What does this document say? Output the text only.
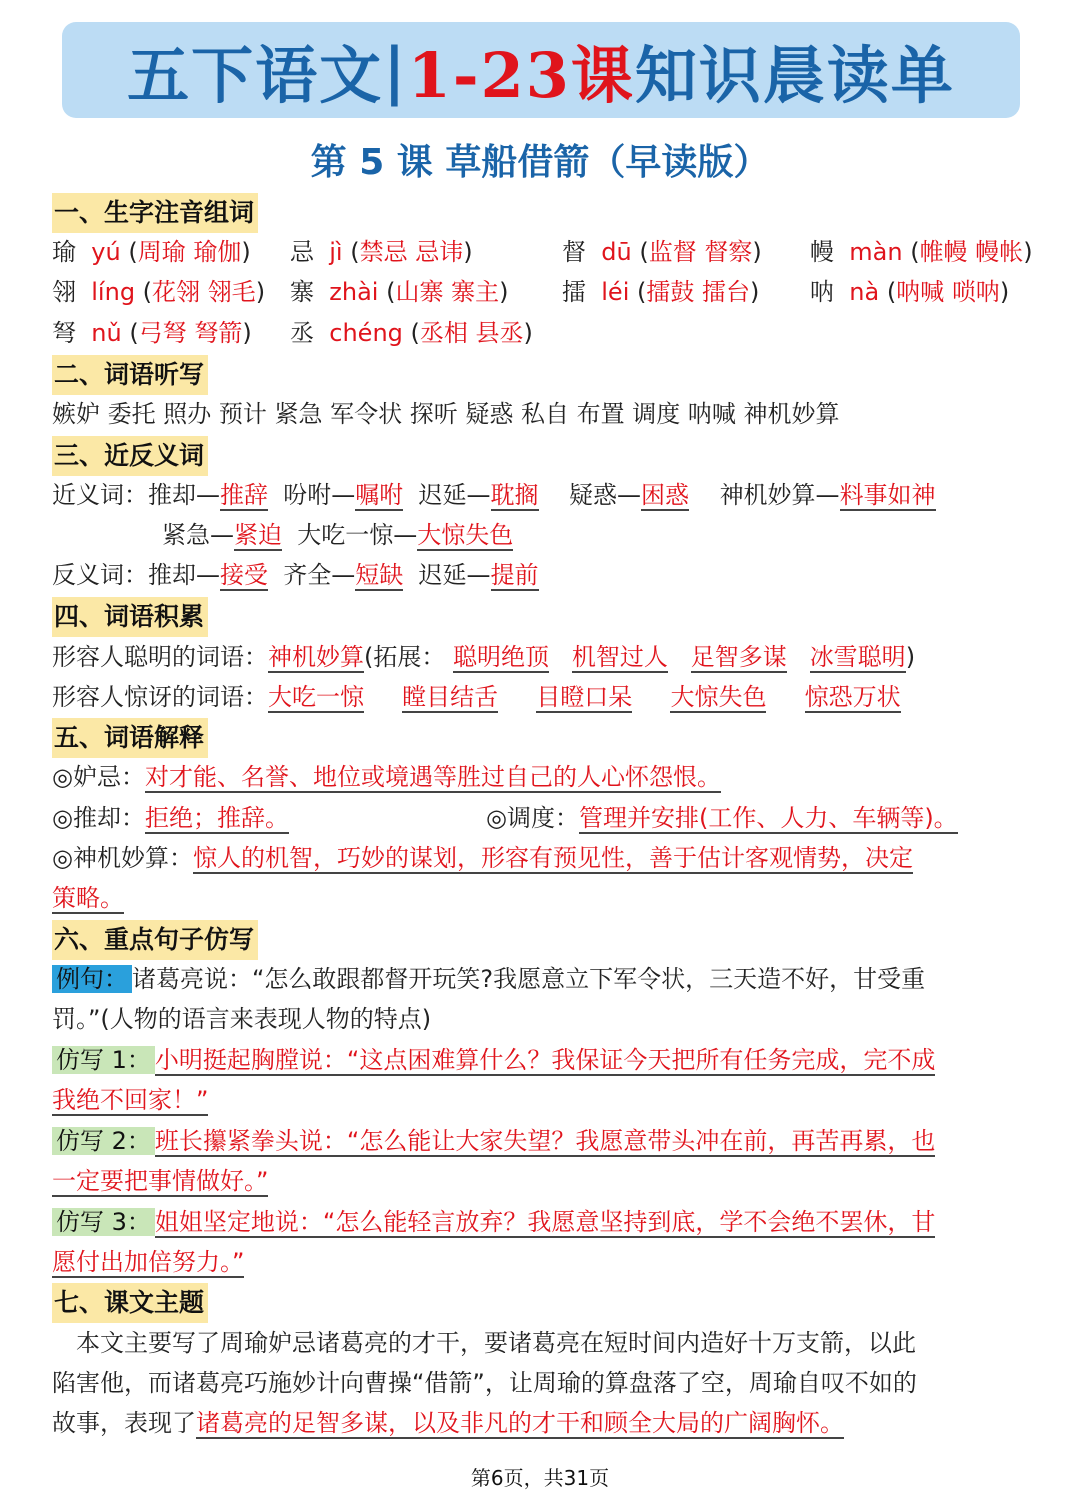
五下语文 | 1-23课 知识晨读单
第 5 课 草船借箭（早读版）
一、生字注音组词
瑜 yú (周瑜 瑜伽) 忌 jì (禁忌 忌讳)	督 dū (监督 督察) 幔 màn (帷幔 幔帐)
翎 líng (花翎 翎毛) 寨 zhài (山寨 寨主) 擂 léi (擂鼓 擂台) 呐 nà (呐喊 唢呐)
弩 nǔ (弓弩 弩箭) 丞 chéng (丞相 县丞)
二、词语听写
嫉妒 委托 照办 预计 紧急 军令状 探听 疑惑 私自 布置 调度 呐喊 神机妙算
三、近反义词
近义词：推却—推辞 吩咐—嘱咐 迟延—耽搁 疑惑—困惑 神机妙算—料事如神
紧急—紧迫 大吃一惊—大惊失色
反义词：推却—接受 齐全—短缺 迟延—提前
四、词语积累
形容人聪明的词语：神机妙算(拓展： 聪明绝顶 机智过人 足智多谋 冰雪聪明)
形容人惊讶的词语：大吃一惊 瞠目结舌 目瞪口呆 大惊失色 惊恐万状
五、词语解释
◎妒忌：对才能、名誉、地位或境遇等胜过自己的人心怀怨恨。
◎推却：拒绝；推辞。	◎调度：管理并安排(工作、人力、车辆等)。
◎神机妙算：惊人的机智，巧妙的谋划，形容有预见性，善于估计客观情势，决定
策略。
六、重点句子仿写
例句： 诸葛亮说：“怎么敢跟都督开玩笑?我愿意立下军令状，三天造不好，甘受重
罚。”(人物的语言来表现人物的特点)
仿写 1： 小明挺起胸膛说：“这点困难算什么？我保证今天把所有任务完成，完不成
我绝不回家！”
仿写 2： 班长攥紧拳头说：“怎么能让大家失望？我愿意带头冲在前，再苦再累，也
一定要把事情做好。”
仿写 3： 姐姐坚定地说：“怎么能轻言放弃？我愿意坚持到底，学不会绝不罢休，甘
愿付出加倍努力。”
七、课文主题
　本文主要写了周瑜妒忌诸葛亮的才干，要诸葛亮在短时间内造好十万支箭，以此
陷害他，而诸葛亮巧施妙计向曹操“借箭”，让周瑜的算盘落了空，周瑜自叹不如的
故事，表现了诸葛亮的足智多谋，以及非凡的才干和顾全大局的广阔胸怀。
第6页，共31页
